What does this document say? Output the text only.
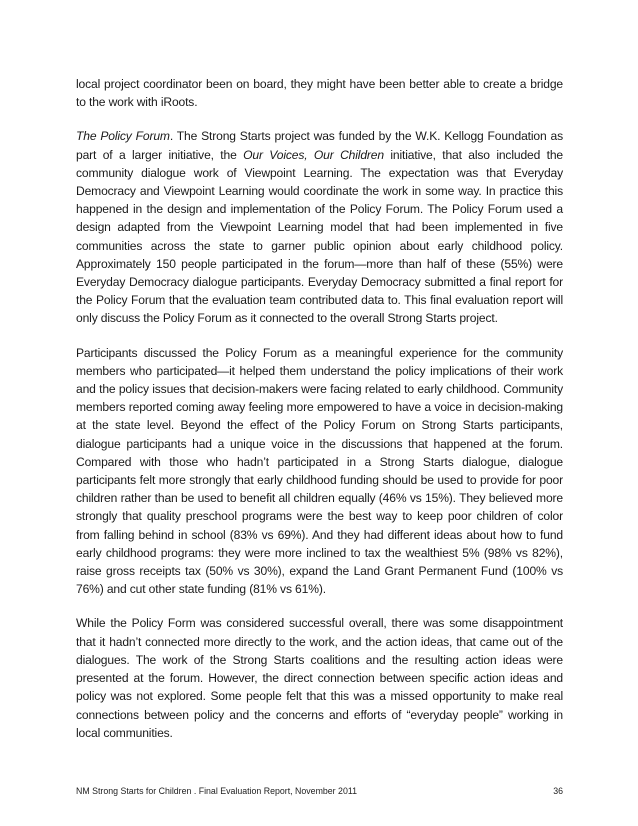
local project coordinator been on board, they might have been better able to create a bridge to the work with iRoots.

The Policy Forum. The Strong Starts project was funded by the W.K. Kellogg Foundation as part of a larger initiative, the Our Voices, Our Children initiative, that also included the community dialogue work of Viewpoint Learning. The expectation was that Everyday Democracy and Viewpoint Learning would coordinate the work in some way. In practice this happened in the design and implementation of the Policy Forum. The Policy Forum used a design adapted from the Viewpoint Learning model that had been implemented in five communities across the state to garner public opinion about early childhood policy. Approximately 150 people participated in the forum—more than half of these (55%) were Everyday Democracy dialogue participants. Everyday Democracy submitted a final report for the Policy Forum that the evaluation team contributed data to. This final evaluation report will only discuss the Policy Forum as it connected to the overall Strong Starts project.

Participants discussed the Policy Forum as a meaningful experience for the community members who participated—it helped them understand the policy implications of their work and the policy issues that decision-makers were facing related to early childhood. Community members reported coming away feeling more empowered to have a voice in decision-making at the state level. Beyond the effect of the Policy Forum on Strong Starts participants, dialogue participants had a unique voice in the discussions that happened at the forum. Compared with those who hadn’t participated in a Strong Starts dialogue, dialogue participants felt more strongly that early childhood funding should be used to provide for poor children rather than be used to benefit all children equally (46% vs 15%). They believed more strongly that quality preschool programs were the best way to keep poor children of color from falling behind in school (83% vs 69%). And they had different ideas about how to fund early childhood programs: they were more inclined to tax the wealthiest 5% (98% vs 82%), raise gross receipts tax (50% vs 30%), expand the Land Grant Permanent Fund (100% vs 76%) and cut other state funding (81% vs 61%).

While the Policy Form was considered successful overall, there was some disappointment that it hadn’t connected more directly to the work, and the action ideas, that came out of the dialogues. The work of the Strong Starts coalitions and the resulting action ideas were presented at the forum. However, the direct connection between specific action ideas and policy was not explored. Some people felt that this was a missed opportunity to make real connections between policy and the concerns and efforts of “everyday people” working in local communities.

NM Strong Starts for Children . Final Evaluation Report, November 2011	36
